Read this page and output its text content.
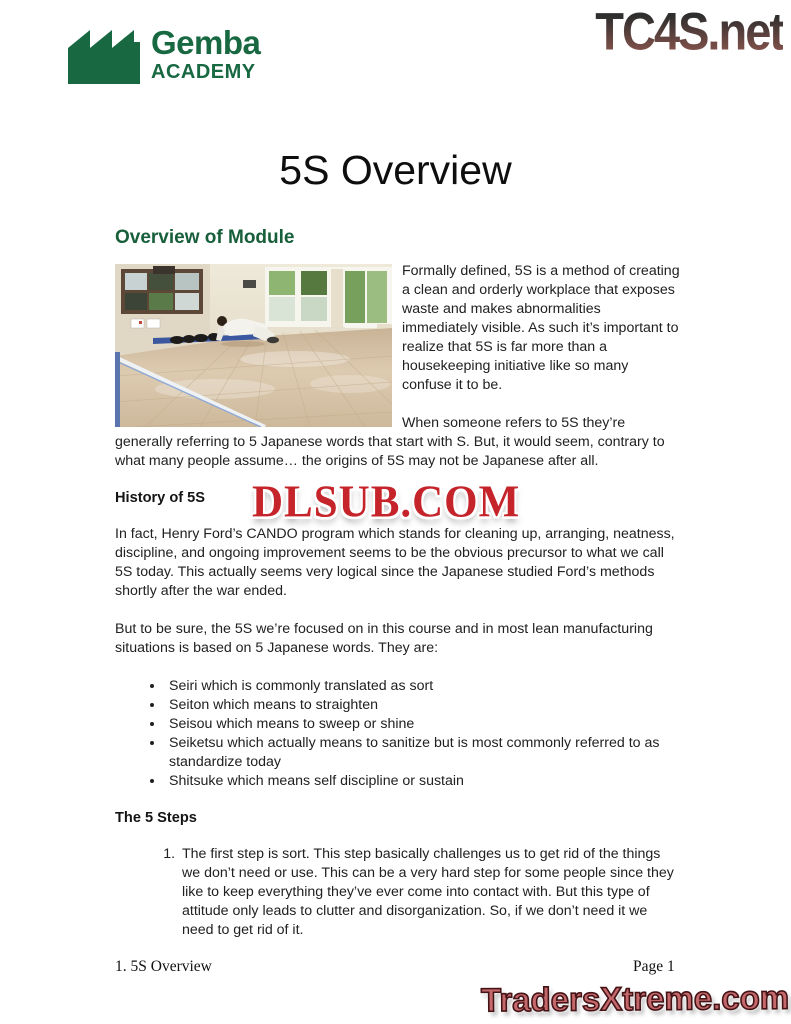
Gemba
ACADEMY
TC4S.net
5S Overview
Overview of Module

Formally defined, 5S is a method of creating a clean and orderly workplace that exposes waste and makes abnormalities immediately visible. As such it’s important to realize that 5S is far more than a housekeeping initiative like so many confuse it to be.

When someone refers to 5S they’re generally referring to 5 Japanese words that start with S. But, it would seem, contrary to what many people assume… the origins of 5S may not be Japanese after all.

History of 5S

In fact, Henry Ford’s CANDO program which stands for cleaning up, arranging, neatness, discipline, and ongoing improvement seems to be the obvious precursor to what we call 5S today. This actually seems very logical since the Japanese studied Ford’s methods shortly after the war ended.

But to be sure, the 5S we’re focused on in this course and in most lean manufacturing situations is based on 5 Japanese words. They are:

• Seiri which is commonly translated as sort
• Seiton which means to straighten
• Seisou which means to sweep or shine
• Seiketsu which actually means to sanitize but is most commonly referred to as standardize today
• Shitsuke which means self discipline or sustain
The 5 Steps
1. The first step is sort. This step basically challenges us to get rid of the things we don’t need or use. This can be a very hard step for some people since they like to keep everything they’ve ever come into contact with. But this type of attitude only leads to clutter and disorganization. So, if we don’t need it we need to get rid of it.
DLSUB.COM
1. 5S Overview	Page 1
TradersXtreme.com
